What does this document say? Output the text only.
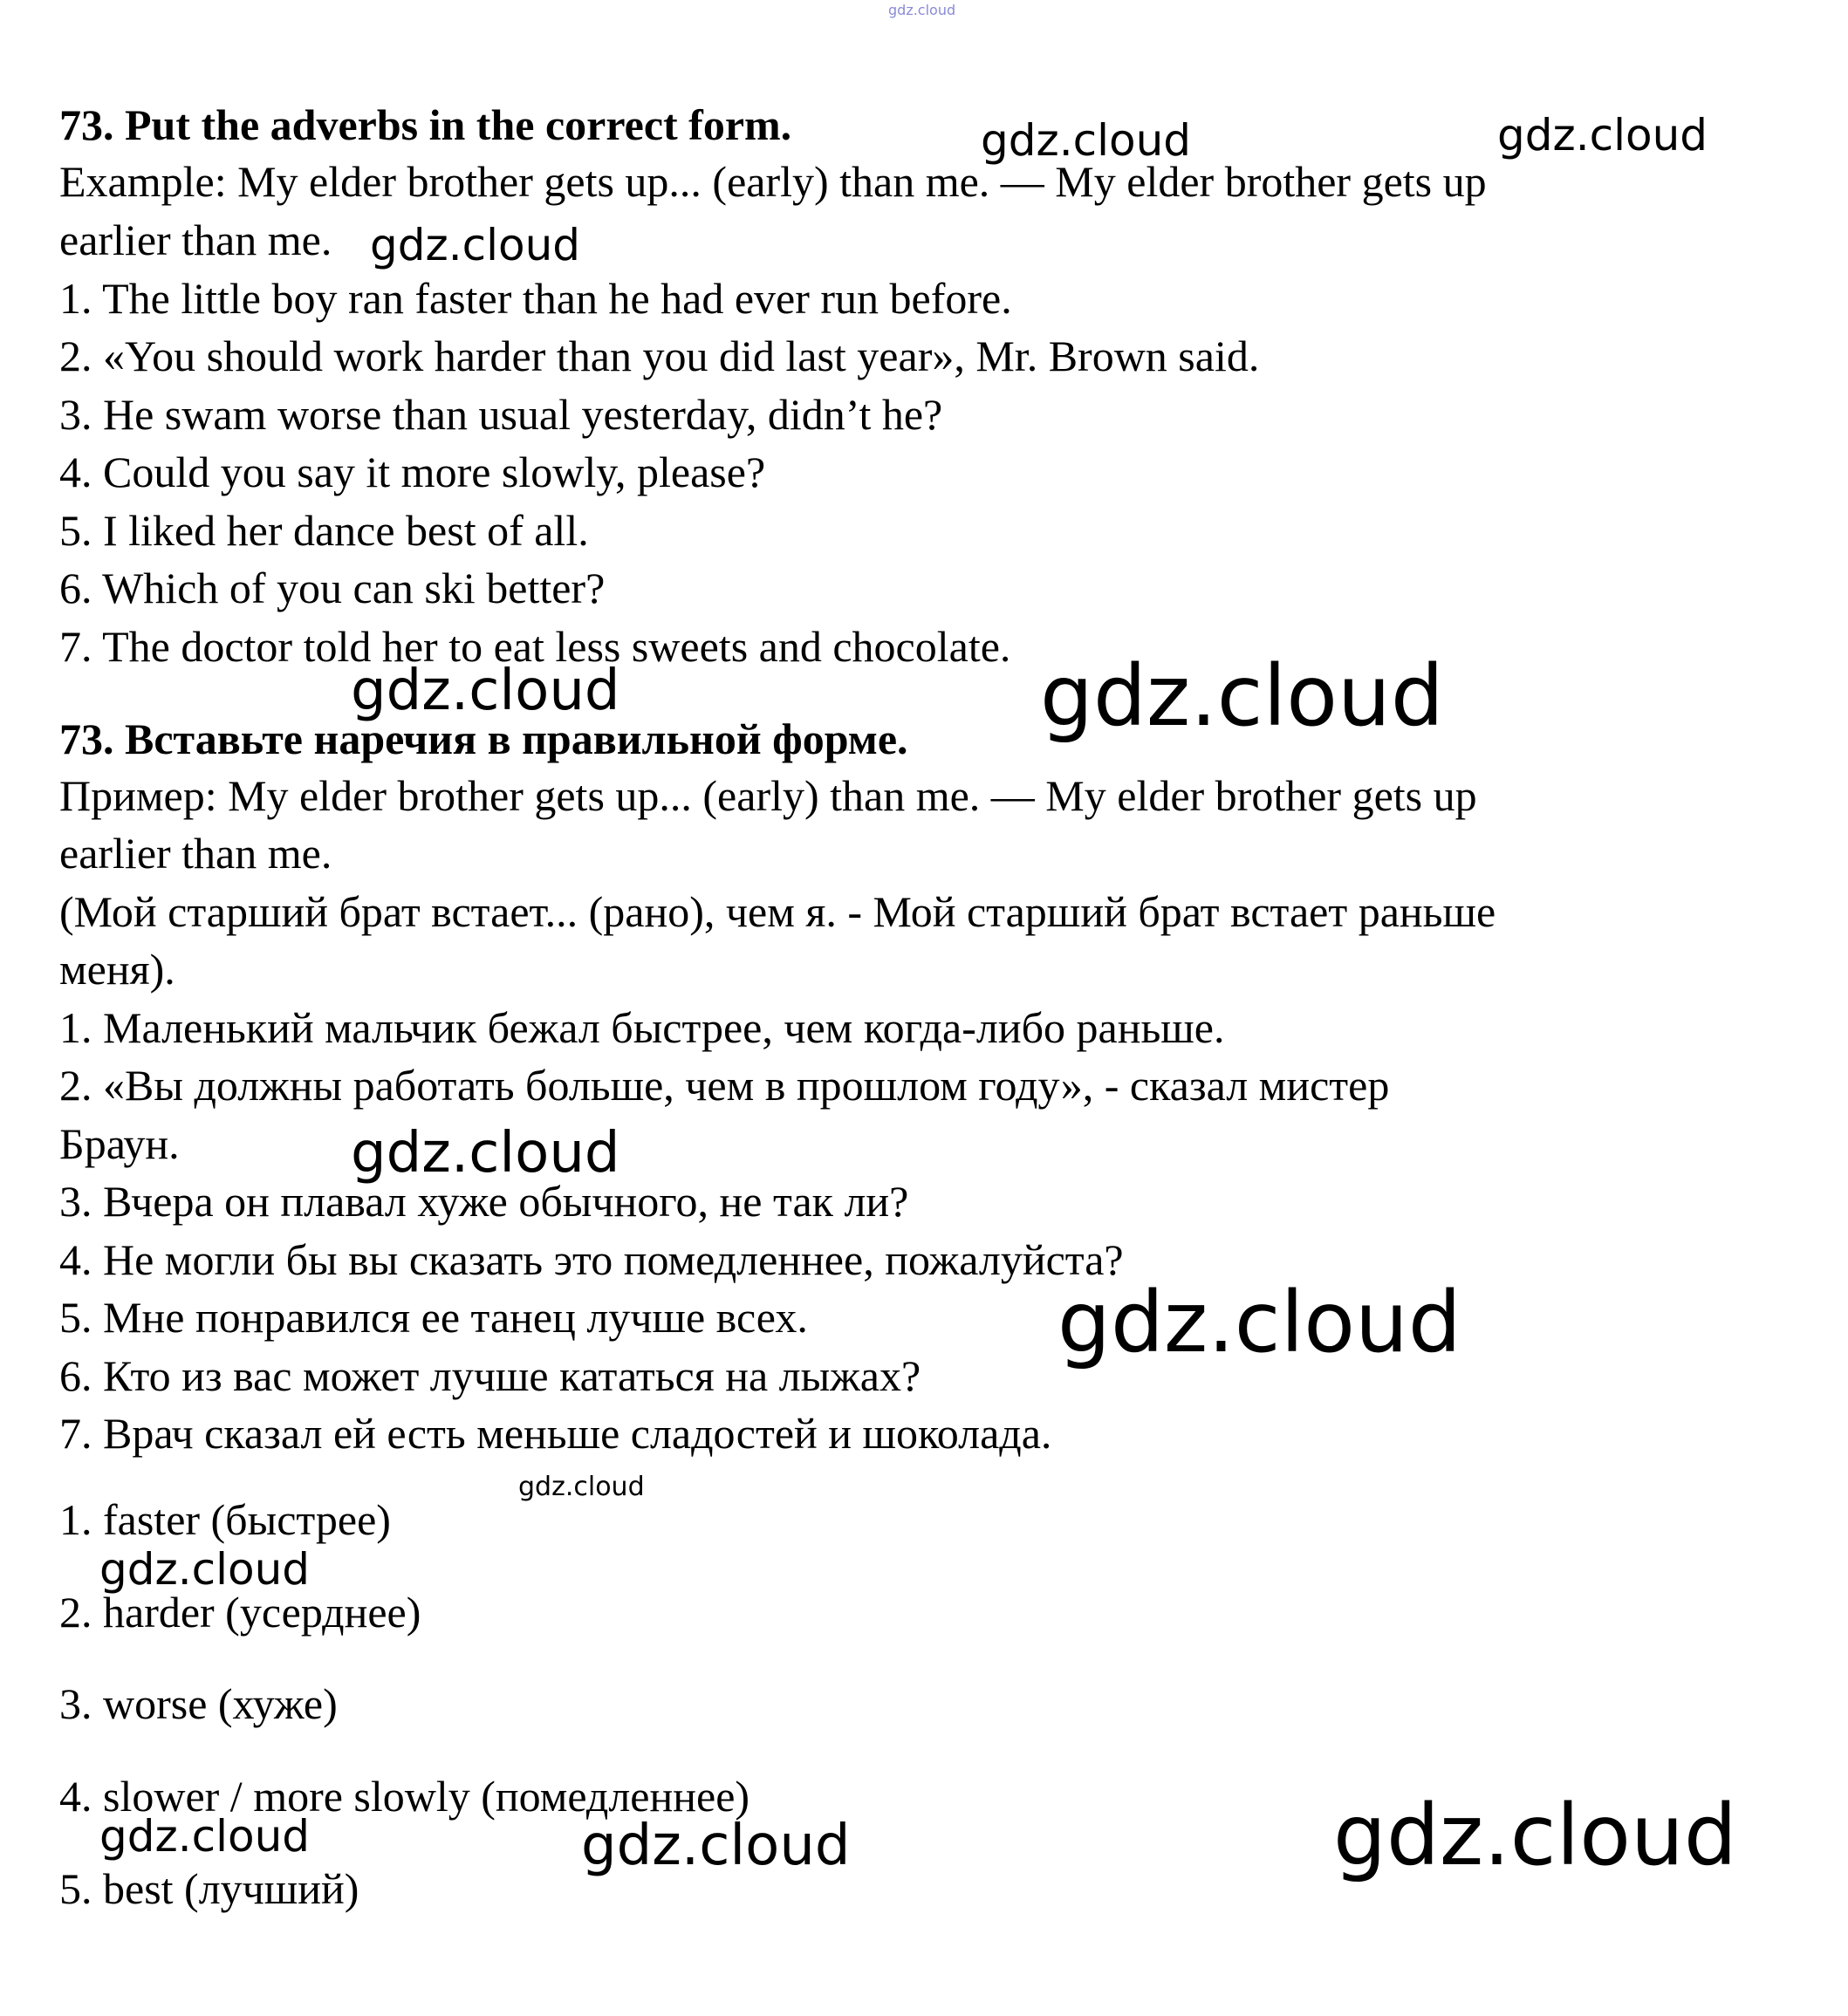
gdz.cloud
73. Put the adverbs in the correct form.
Example: My elder brother gets up... (early) than me. — My elder brother gets up
earlier than me.
1. The little boy ran faster than he had ever run before.
2. «You should work harder than you did last year», Mr. Brown said.
3. He swam worse than usual yesterday, didn’t he?
4. Could you say it more slowly, please?
5. I liked her dance best of all.
6. Which of you can ski better?
7. The doctor told her to eat less sweets and chocolate.
73. Вставьте наречия в правильной форме.
Пример: My elder brother gets up... (early) than me. — My elder brother gets up
earlier than me.
(Мой старший брат встает... (рано), чем я. - Мой старший брат встает раньше
меня).
1. Маленький мальчик бежал быстрее, чем когда-либо раньше.
2. «Вы должны работать больше, чем в прошлом году», - сказал мистер
Браун.
3. Вчера он плавал хуже обычного, не так ли?
4. Не могли бы вы сказать это помедленнее, пожалуйста?
5. Мне понравился ее танец лучше всех.
6. Кто из вас может лучше кататься на лыжах?
7. Врач сказал ей есть меньше сладостей и шоколада.
1. faster (быстрее)
2. harder (усерднее)
3. worse (хуже)
4. slower / more slowly (помедленнее)
5. best (лучший)
gdz.cloud	gdz.cloud
gdz.cloud
gdz.cloud	gdz.cloud
gdz.cloud
gdz.cloud
gdz.cloud
gdz.cloud
gdz.cloud	gdz.cloud	gdz.cloud
